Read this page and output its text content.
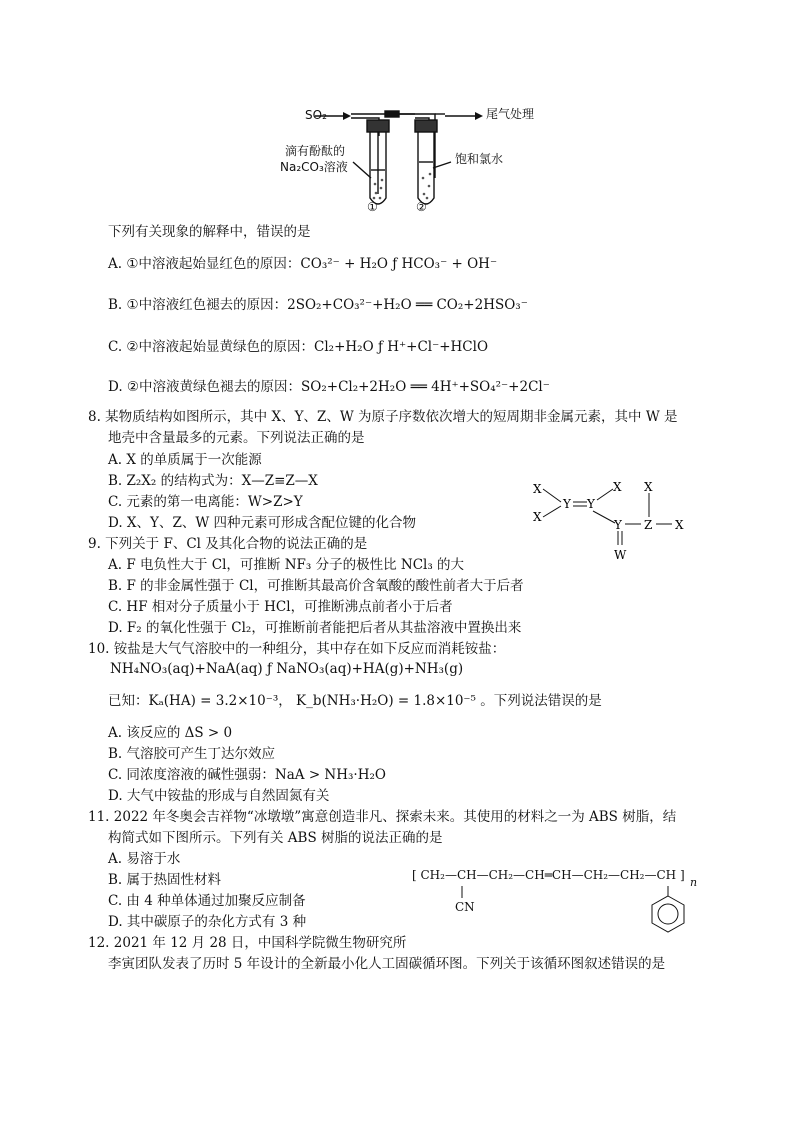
SO₂	尾气处理
滴有酚酞的
Na₂CO₃溶液
饱和氯水
①	②
下列有关现象的解释中，错误的是
A. ①中溶液起始显红色的原因：CO₃²⁻ + H₂O ƒ HCO₃⁻ + OH⁻
B. ①中溶液红色褪去的原因：2SO₂+CO₃²⁻+H₂O ══ CO₂+2HSO₃⁻
C. ②中溶液起始显黄绿色的原因：Cl₂+H₂O ƒ H⁺+Cl⁻+HClO
D. ②中溶液黄绿色褪去的原因：SO₂+Cl₂+2H₂O ══ 4H⁺+SO₄²⁻+2Cl⁻
8. 某物质结构如图所示，其中 X、Y、Z、W 为原子序数依次增大的短周期非金属元素，其中 W 是
地壳中含量最多的元素。下列说法正确的是
A. X 的单质属于一次能源
B. Z₂X₂ 的结构式为：X—Z≡Z—X
C. 元素的第一电离能：W>Z>Y
D. X、Y、Z、W 四种元素可形成含配位键的化合物
X
X
Y Y
X X
Y Z X
W
9. 下列关于 F、Cl 及其化合物的说法正确的是
A. F 电负性大于 Cl，可推断 NF₃ 分子的极性比 NCl₃ 的大
B. F 的非金属性强于 Cl，可推断其最高价含氧酸的酸性前者大于后者
C. HF 相对分子质量小于 HCl，可推断沸点前者小于后者
D. F₂ 的氧化性强于 Cl₂，可推断前者能把后者从其盐溶液中置换出来
10. 铵盐是大气气溶胶中的一种组分，其中存在如下反应而消耗铵盐：
NH₄NO₃(aq)+NaA(aq) ƒ NaNO₃(aq)+HA(g)+NH₃(g)
已知：Kₐ(HA) = 3.2×10⁻³， K_b(NH₃·H₂O) = 1.8×10⁻⁵ 。下列说法错误的是
A. 该反应的 ΔS > 0
B. 气溶胶可产生丁达尔效应
C. 同浓度溶液的碱性强弱：NaA > NH₃·H₂O
D. 大气中铵盐的形成与自然固氮有关
11. 2022 年冬奥会吉祥物“冰墩墩”寓意创造非凡、探索未来。其使用的材料之一为 ABS 树脂，结
构简式如下图所示。下列有关 ABS 树脂的说法正确的是
A. 易溶于水
B. 属于热固性材料
C. 由 4 种单体通过加聚反应制备
D. 其中碳原子的杂化方式有 3 种
[ CH₂—CH—CH₂—CH═CH—CH₂—CH₂—CH ]
n
CN
12. 2021 年 12 月 28 日，中国科学院微生物研究所
李寅团队发表了历时 5 年设计的全新最小化人工固碳循环图。下列关于该循环图叙述错误的是
